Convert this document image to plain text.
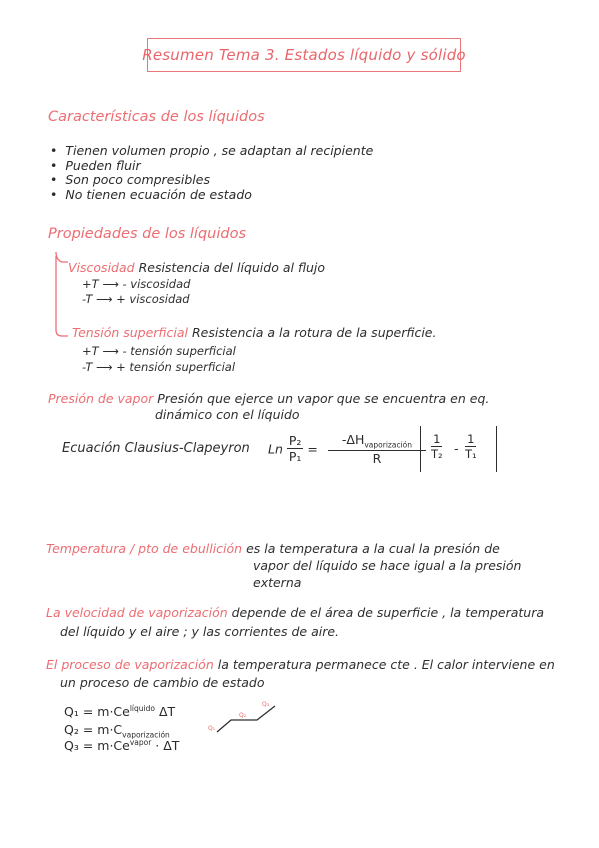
Resumen Tema 3. Estados líquido y sólido
Características de los líquidos
• Tienen volumen propio , se adaptan al recipiente
• Pueden fluir
• Son poco compresibles
• No tienen ecuación de estado
Propiedades de los líquidos
Viscosidad Resistencia del líquido al flujo
+T ⟶ - viscosidad
-T ⟶ + viscosidad
Tensión superficial Resistencia a la rotura de la superficie.
+T ⟶ - tensión superficial
-T ⟶ + tensión superficial
Presión de vapor Presión que ejerce un vapor que se encuentra en eq.
dinámico con el líquido
Ecuación Clausius-Clapeyron Ln $\frac{\text{P₂}}{\text{P₁}} = \frac{-\Delta H_{vaporización}}{R} \frac{1}{\text{T₂}} - \frac{1}{\text{T₁}}$
Temperatura / pto de ebullición es la temperatura a la cual la presión de
vapor del líquido se hace igual a la presión
externa
La velocidad de vaporización depende de el área de superficie , la temperatura
del líquido y el aire ; y las corrientes de aire.
El proceso de vaporización la temperatura permanece cte . El calor interviene en
un proceso de cambio de estado
$Q_1 = m\cdot Ce^{líquido}$ ΔT
$Q_2 = m\cdot C_{vaporización}$
$Q_3 = m\cdot Ce^{vapor} \cdot \Delta T$
Q₁
Q₂
Q₃
